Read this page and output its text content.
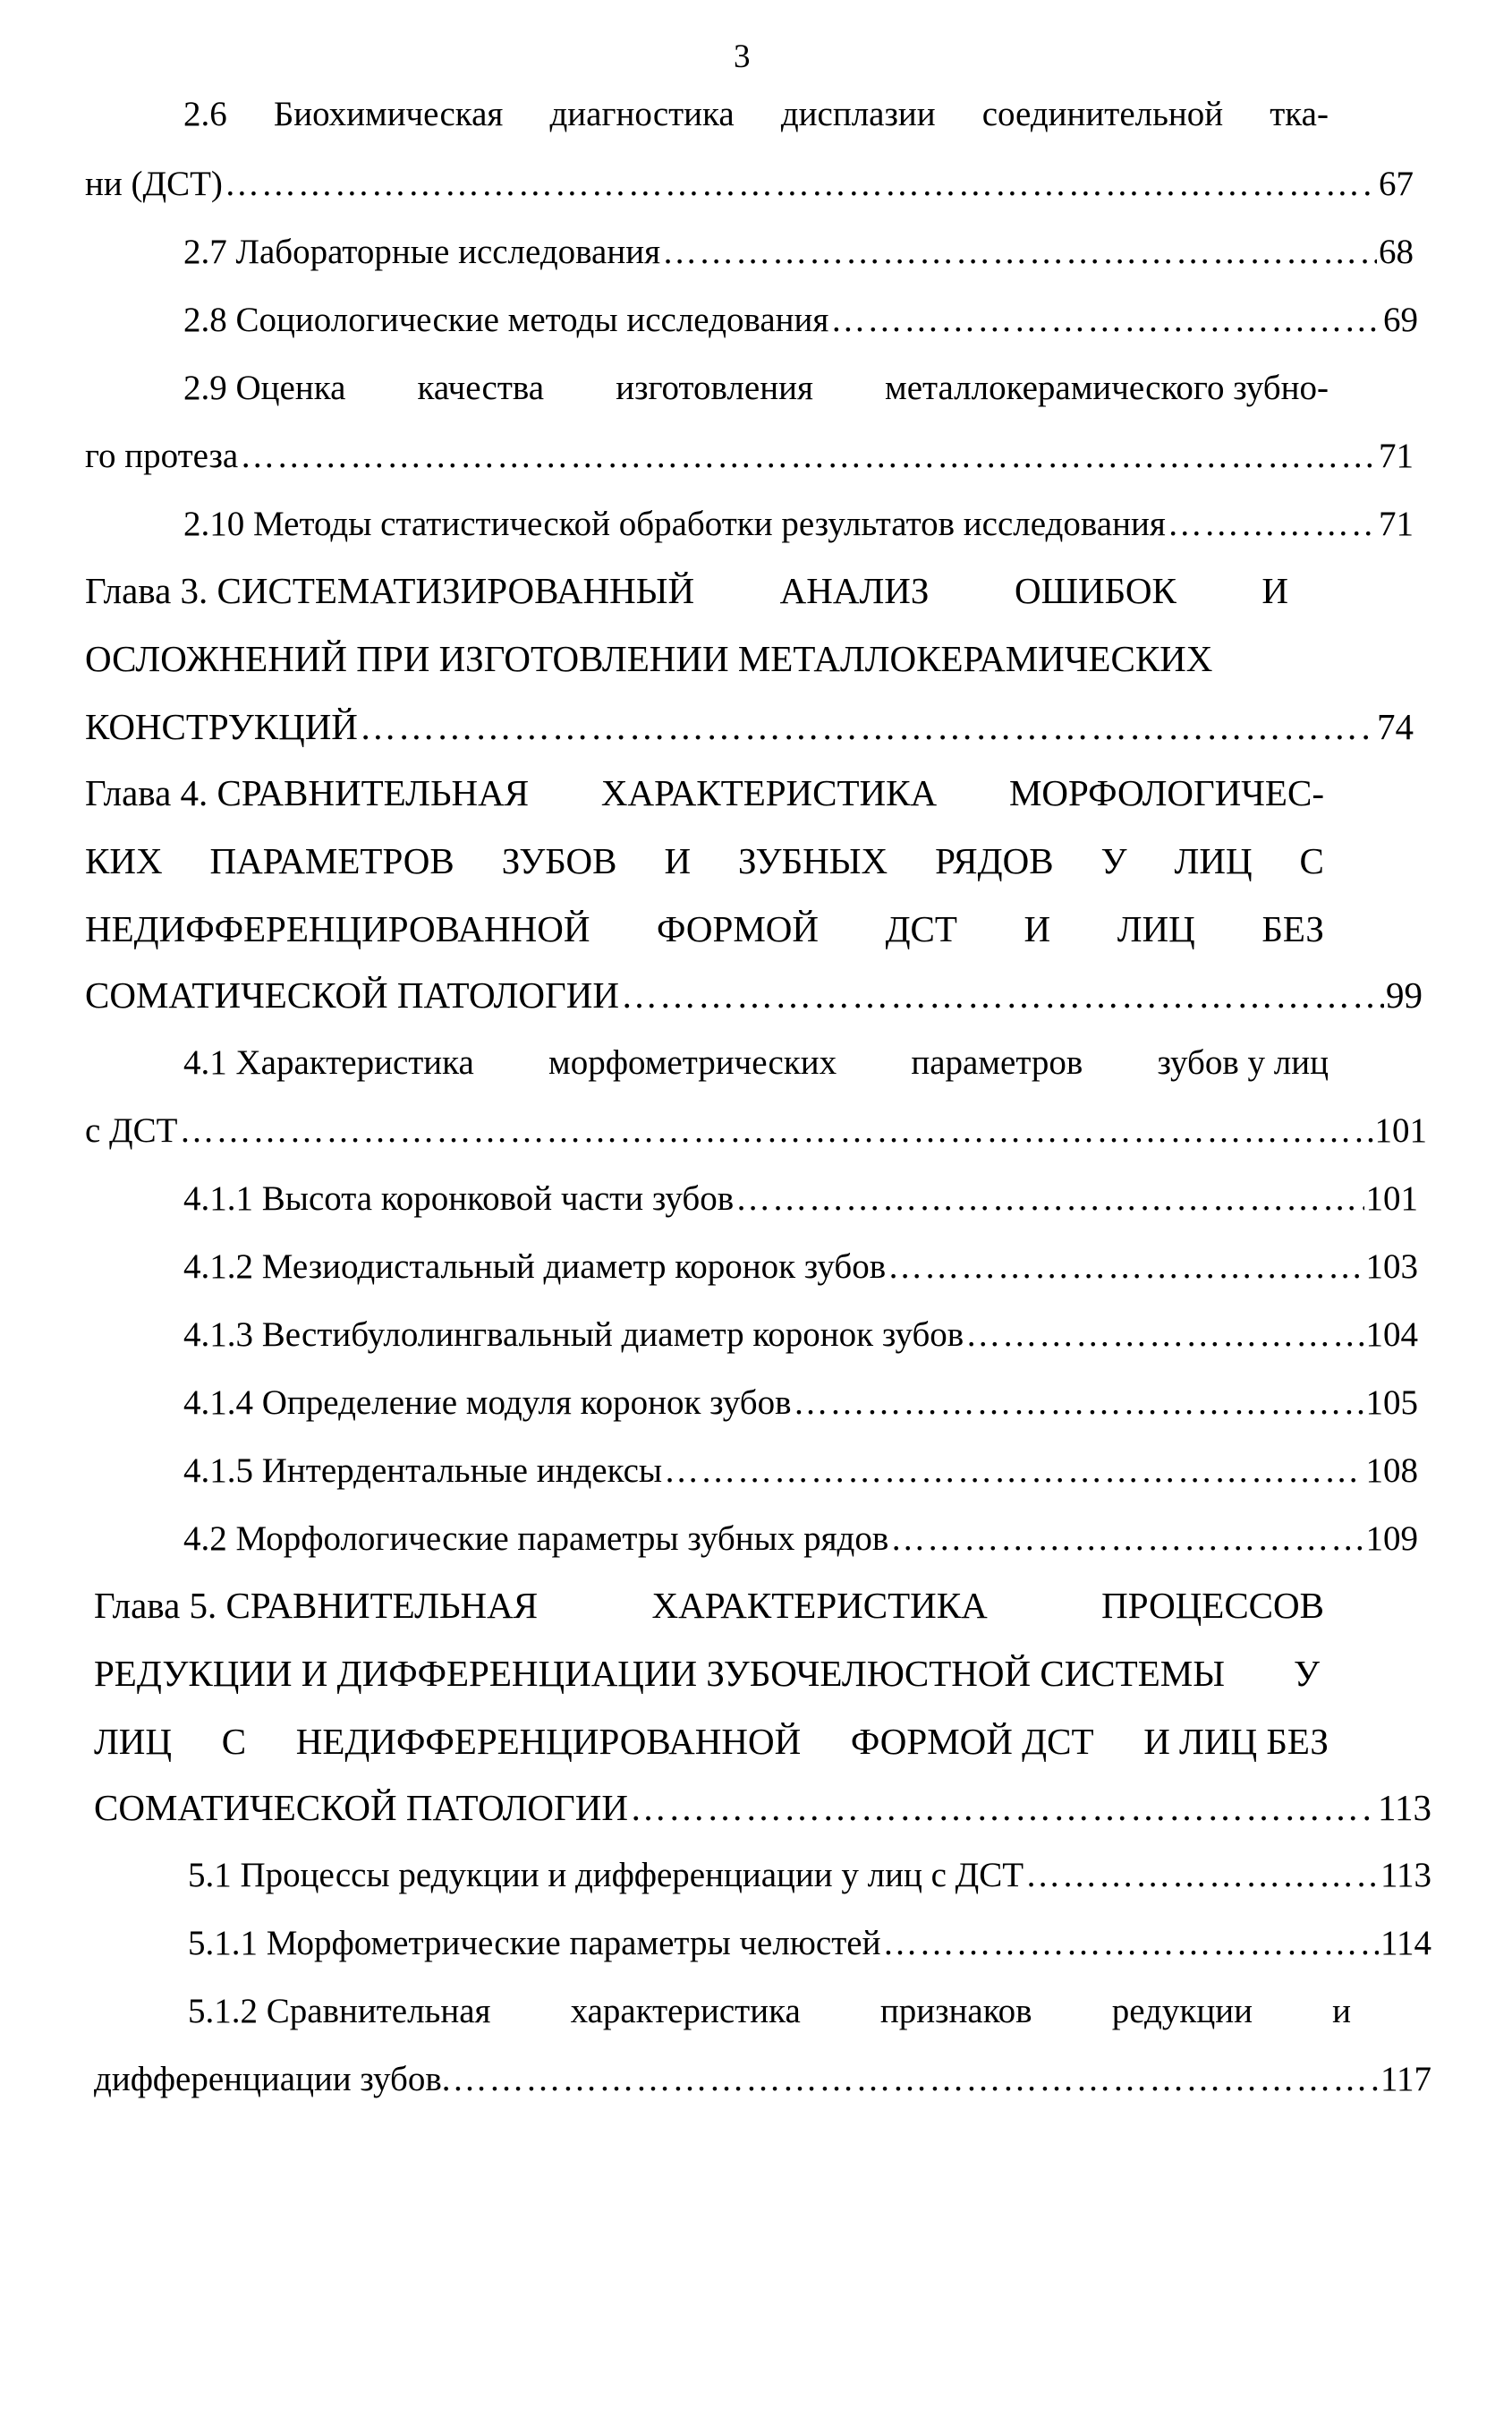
3
2.6 Биохимическая диагностика дисплазии соединительной тка-
ни (ДСТ) …………………………………………………………………………………………………………………………………………………………………………………………	67
2.7 Лабораторные исследования …………………………………………………………………………………………………………………………………………………………………………………………	68
2.8 Социологические методы исследования …………………………………………………………………………………………………………………………………………………………………………………………	69
2.9 Оценка качества изготовления металлокерамического зубно-
го протеза …………………………………………………………………………………………………………………………………………………………………………………………	71
2.10 Методы статистической обработки результатов исследования …………………………………………………………………………………………………………………………………………………………………………………………	71
Глава 3. СИСТЕМАТИЗИРОВАННЫЙ АНАЛИЗ ОШИБОК И
ОСЛОЖНЕНИЙ ПРИ ИЗГОТОВЛЕНИИ МЕТАЛЛОКЕРАМИЧЕСКИХ
КОНСТРУКЦИЙ …………………………………………………………………………………………………………………………………………………………………………………………	74
Глава 4. СРАВНИТЕЛЬНАЯ ХАРАКТЕРИСТИКА МОРФОЛОГИЧЕС-
КИХ ПАРАМЕТРОВ ЗУБОВ И ЗУБНЫХ РЯДОВ У ЛИЦ С
НЕДИФФЕРЕНЦИРОВАННОЙ ФОРМОЙ ДСТ И ЛИЦ БЕЗ
СОМАТИЧЕСКОЙ ПАТОЛОГИИ …………………………………………………………………………………………………………………………………………………………………………………………	99
4.1 Характеристика морфометрических параметров зубов у лиц
с ДСТ …………………………………………………………………………………………………………………………………………………………………………………………	101
4.1.1 Высота коронковой части зубов …………………………………………………………………………………………………………………………………………………………………………………………	101
4.1.2 Мезиодистальный диаметр коронок зубов …………………………………………………………………………………………………………………………………………………………………………………………	103
4.1.3 Вестибулолингвальный диаметр коронок зубов …………………………………………………………………………………………………………………………………………………………………………………………	104
4.1.4 Определение модуля коронок зубов …………………………………………………………………………………………………………………………………………………………………………………………	105
4.1.5 Интердентальные индексы …………………………………………………………………………………………………………………………………………………………………………………………	108
4.2 Морфологические параметры зубных рядов …………………………………………………………………………………………………………………………………………………………………………………………	109
Глава 5. СРАВНИТЕЛЬНАЯ	ХАРАКТЕРИСТИКА	ПРОЦЕССОВ
РЕДУКЦИИ И ДИФФЕРЕНЦИАЦИИ ЗУБОЧЕЛЮСТНОЙ СИСТЕМЫ У
ЛИЦ С НЕДИФФЕРЕНЦИРОВАННОЙ ФОРМОЙ ДСТ И ЛИЦ БЕЗ
СОМАТИЧЕСКОЙ ПАТОЛОГИИ …………………………………………………………………………………………………………………………………………………………………………………………	113
5.1 Процессы редукции и дифференциации у лиц с ДСТ …………………………………………………………………………………………………………………………………………………………………………………………	113
5.1.1 Морфометрические параметры челюстей …………………………………………………………………………………………………………………………………………………………………………………………	114
5.1.2 Сравнительная характеристика признаков редукции и
дифференциации зубов. …………………………………………………………………………………………………………………………………………………………………………………………	117
